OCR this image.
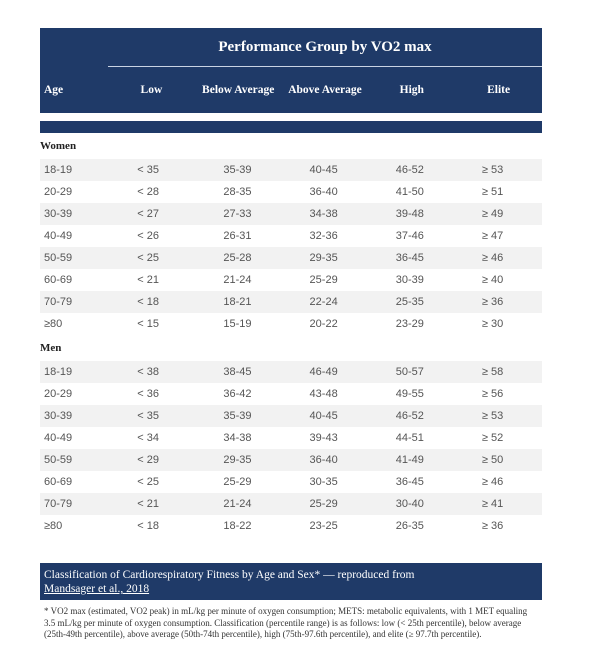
Performance Group by VO2 max
Age	Low	Below Average	Above Average	High	Elite
Women					
18-19	< 35	35-39	40-45	46-52	≥ 53
20-29	< 28	28-35	36-40	41-50	≥ 51
30-39	< 27	27-33	34-38	39-48	≥ 49
40-49	< 26	26-31	32-36	37-46	≥ 47
50-59	< 25	25-28	29-35	36-45	≥ 46
60-69	< 21	21-24	25-29	30-39	≥ 40
70-79	< 18	18-21	22-24	25-35	≥ 36
≥80	< 15	15-19	20-22	23-29	≥ 30
Men					
18-19	< 38	38-45	46-49	50-57	≥ 58
20-29	< 36	36-42	43-48	49-55	≥ 56
30-39	< 35	35-39	40-45	46-52	≥ 53
40-49	< 34	34-38	39-43	44-51	≥ 52
50-59	< 29	29-35	36-40	41-49	≥ 50
60-69	< 25	25-29	30-35	36-45	≥ 46
70-79	< 21	21-24	25-29	30-40	≥ 41
≥80	< 18	18-22	23-25	26-35	≥ 36
Classification of Cardiorespiratory Fitness by Age and Sex* — reproduced from
Mandsager et al., 2018
* VO2 max (estimated, VO2 peak) in mL/kg per minute of oxygen consumption; METS: metabolic equivalents, with 1 MET equaling 3.5 mL/kg per minute of oxygen consumption. Classification (percentile range) is as follows: low (< 25th percentile), below average (25th-49th percentile), above average (50th-74th percentile), high (75th-97.6th percentile), and elite (≥ 97.7th percentile).
